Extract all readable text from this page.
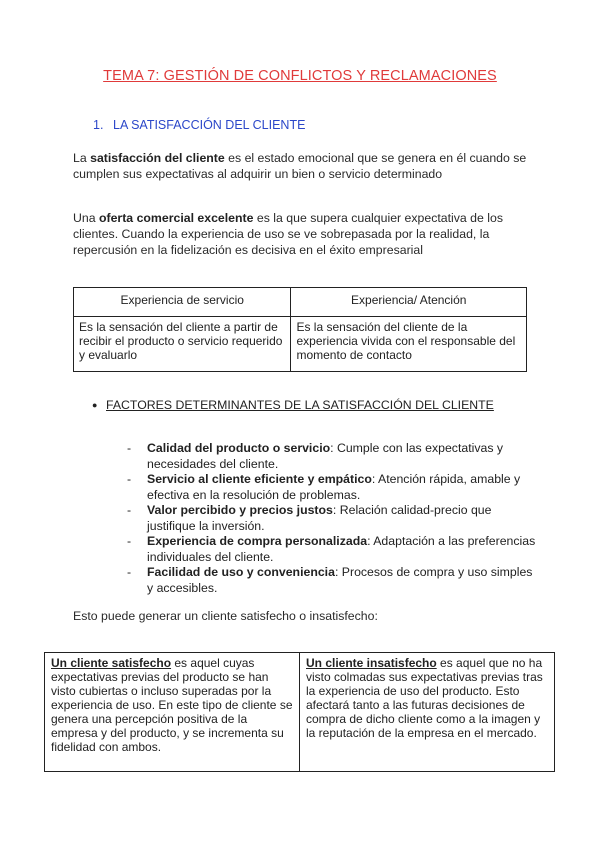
TEMA 7: GESTIÓN DE CONFLICTOS Y RECLAMACIONES
1. LA SATISFACCIÓN DEL CLIENTE
La satisfacción del cliente es el estado emocional que se genera en él cuando se cumplen sus expectativas al adquirir un bien o servicio determinado
Una oferta comercial excelente es la que supera cualquier expectativa de los clientes. Cuando la experiencia de uso se ve sobrepasada por la realidad, la repercusión en la fidelización es decisiva en el éxito empresarial
Experiencia de servicio	Experiencia/ Atención
Es la sensación del cliente a partir de recibir el producto o servicio requerido y evaluarlo	Es la sensación del cliente de la experiencia vivida con el responsable del momento de contacto
● FACTORES DETERMINANTES DE LA SATISFACCIÓN DEL CLIENTE
-	Calidad del producto o servicio: Cumple con las expectativas y necesidades del cliente.
-	Servicio al cliente eficiente y empático: Atención rápida, amable y efectiva en la resolución de problemas.
-	Valor percibido y precios justos: Relación calidad-precio que justifique la inversión.
-	Experiencia de compra personalizada: Adaptación a las preferencias individuales del cliente.
-	Facilidad de uso y conveniencia: Procesos de compra y uso simples y accesibles.
Esto puede generar un cliente satisfecho o insatisfecho:
Un cliente satisfecho es aquel cuyas expectativas previas del producto se han visto cubiertas o incluso superadas por la experiencia de uso. En este tipo de cliente se genera una percepción positiva de la empresa y del producto, y se incrementa su fidelidad con ambos.	Un cliente insatisfecho es aquel que no ha visto colmadas sus expectativas previas tras la experiencia de uso del producto. Esto afectará tanto a las futuras decisiones de compra de dicho cliente como a la imagen y la reputación de la empresa en el mercado.
